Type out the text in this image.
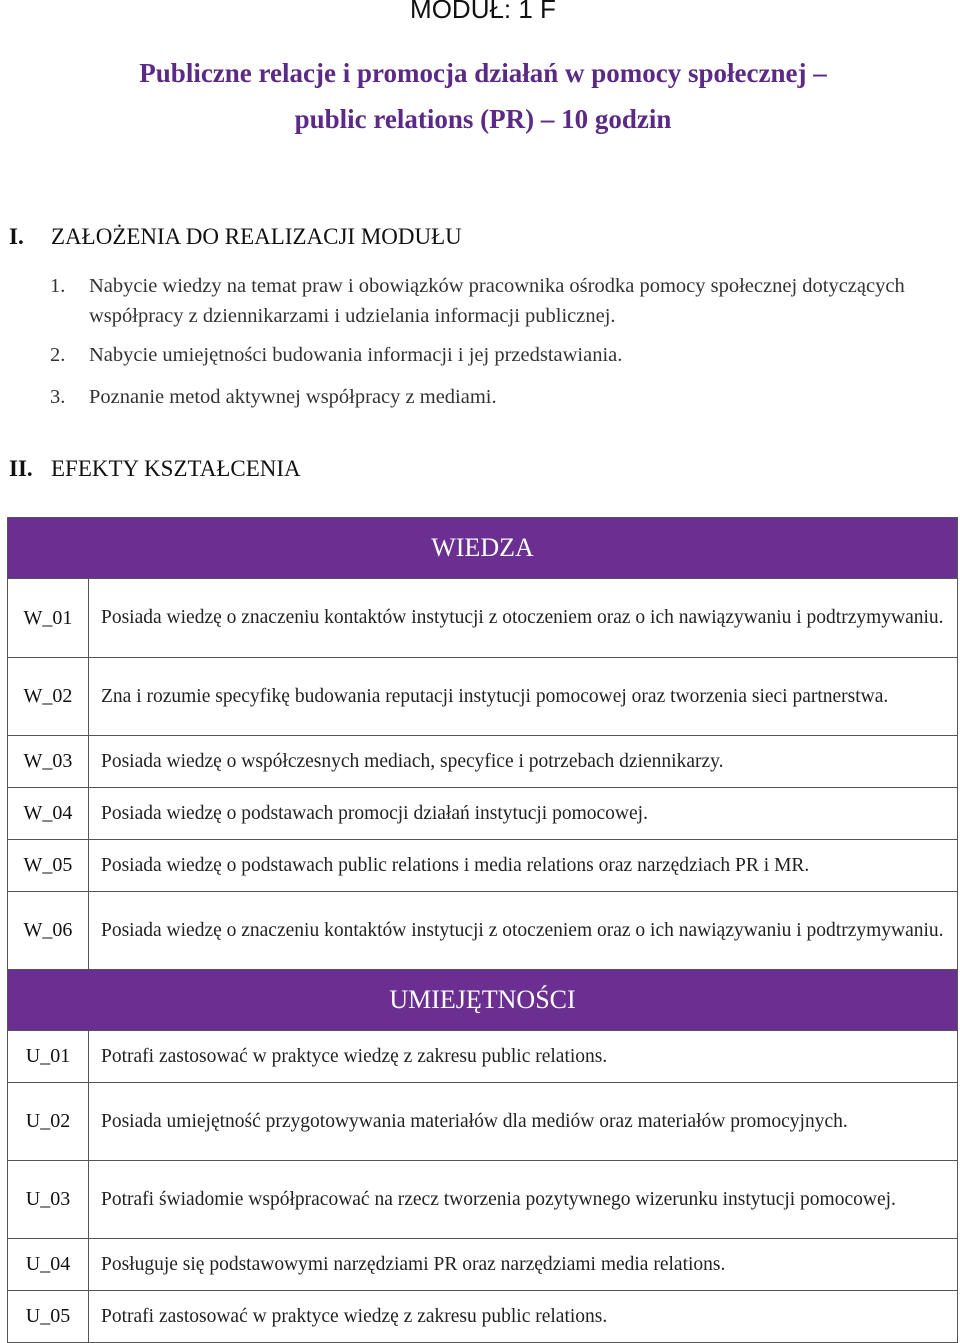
MODUŁ: 1 F
Publiczne relacje i promocja działań w pomocy społecznej –
public relations (PR) – 10 godzin
I. ZAŁOŻENIA DO REALIZACJI MODUŁU
1. Nabycie wiedzy na temat praw i obowiązków pracownika ośrodka pomocy społecznej dotyczących współpracy z dziennikarzami i udzielania informacji publicznej.
2. Nabycie umiejętności budowania informacji i jej przedstawiania.
3. Poznanie metod aktywnej współpracy z mediami.
II. EFEKTY KSZTAŁCENIA
WIEDZA	
W_01	Posiada wiedzę o znaczeniu kontaktów instytucji z otoczeniem oraz o ich nawiązywaniu i podtrzymywaniu.
W_02	Zna i rozumie specyfikę budowania reputacji instytucji pomocowej oraz tworzenia sieci partnerstwa.
W_03	Posiada wiedzę o współczesnych mediach, specyfice i potrzebach dziennikarzy.
W_04	Posiada wiedzę o podstawach promocji działań instytucji pomocowej.
W_05	Posiada wiedzę o podstawach public relations i media relations oraz narzędziach PR i MR.
W_06	Posiada wiedzę o znaczeniu kontaktów instytucji z otoczeniem oraz o ich nawiązywaniu i podtrzymywaniu.
UMIEJĘTNOŚCI	
U_01	Potrafi zastosować w praktyce wiedzę z zakresu public relations.
U_02	Posiada umiejętność przygotowywania materiałów dla mediów oraz materiałów promocyjnych.
U_03	Potrafi świadomie współpracować na rzecz tworzenia pozytywnego wizerunku instytucji pomocowej.
U_04	Posługuje się podstawowymi narzędziami PR oraz narzędziami media relations.
U_05	Potrafi zastosować w praktyce wiedzę z zakresu public relations.
